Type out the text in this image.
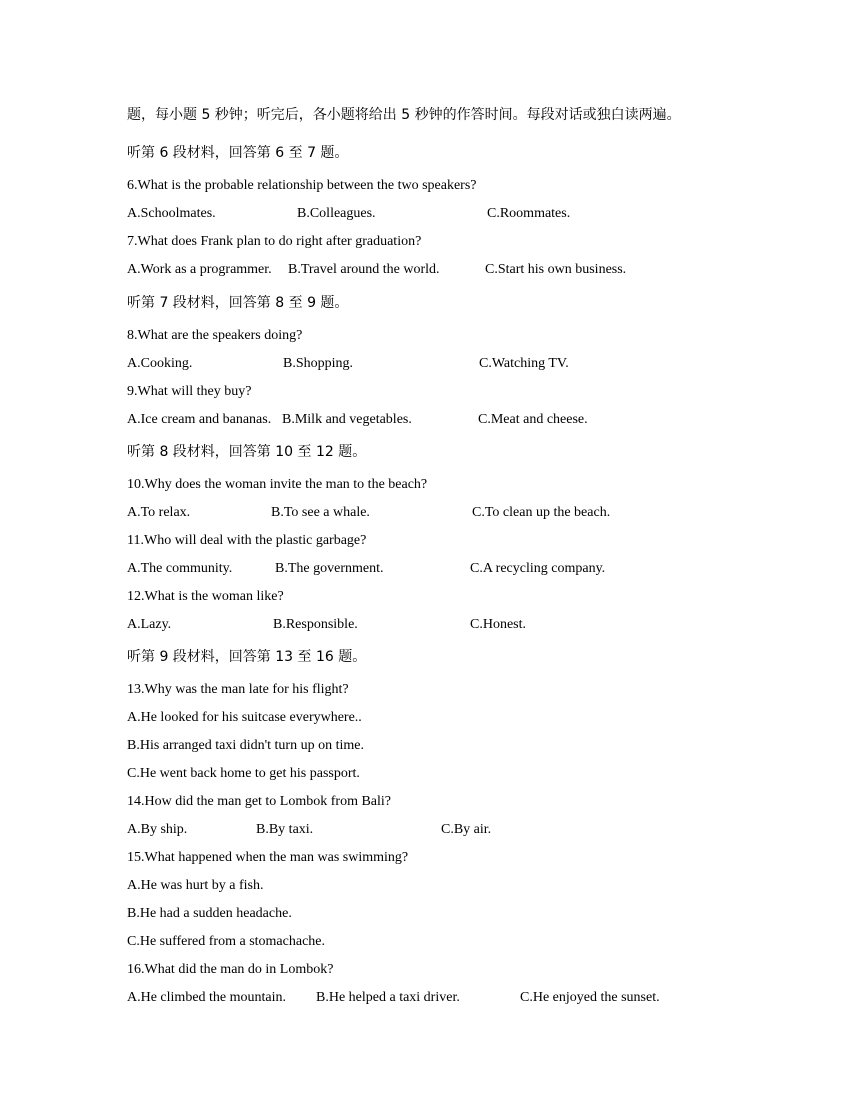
题，每小题 5 秒钟；听完后，各小题将给出 5 秒钟的作答时间。每段对话或独白读两遍。
听第 6 段材料，回答第 6 至 7 题。
6.What is the probable relationship between the two speakers?
A.Schoolmates.	B.Colleagues.	C.Roommates.
7.What does Frank plan to do right after graduation?
A.Work as a programmer. B.Travel around the world.	C.Start his own business.
听第 7 段材料，回答第 8 至 9 题。
8.What are the speakers doing?
A.Cooking.	B.Shopping.	C.Watching TV.
9.What will they buy?
A.Ice cream and bananas. B.Milk and vegetables.	C.Meat and cheese.
听第 8 段材料，回答第 10 至 12 题。
10.Why does the woman invite the man to the beach?
A.To relax.	B.To see a whale.	C.To clean up the beach.
11.Who will deal with the plastic garbage?
A.The community.	B.The government.	C.A recycling company.
12.What is the woman like?
A.Lazy.	B.Responsible.	C.Honest.
听第 9 段材料，回答第 13 至 16 题。
13.Why was the man late for his flight?
A.He looked for his suitcase everywhere..
B.His arranged taxi didn't turn up on time.
C.He went back home to get his passport.
14.How did the man get to Lombok from Bali?
A.By ship.	B.By taxi.	C.By air.
15.What happened when the man was swimming?
A.He was hurt by a fish.
B.He had a sudden headache.
C.He suffered from a stomachache.
16.What did the man do in Lombok?
A.He climbed the mountain. B.He helped a taxi driver.	C.He enjoyed the sunset.
